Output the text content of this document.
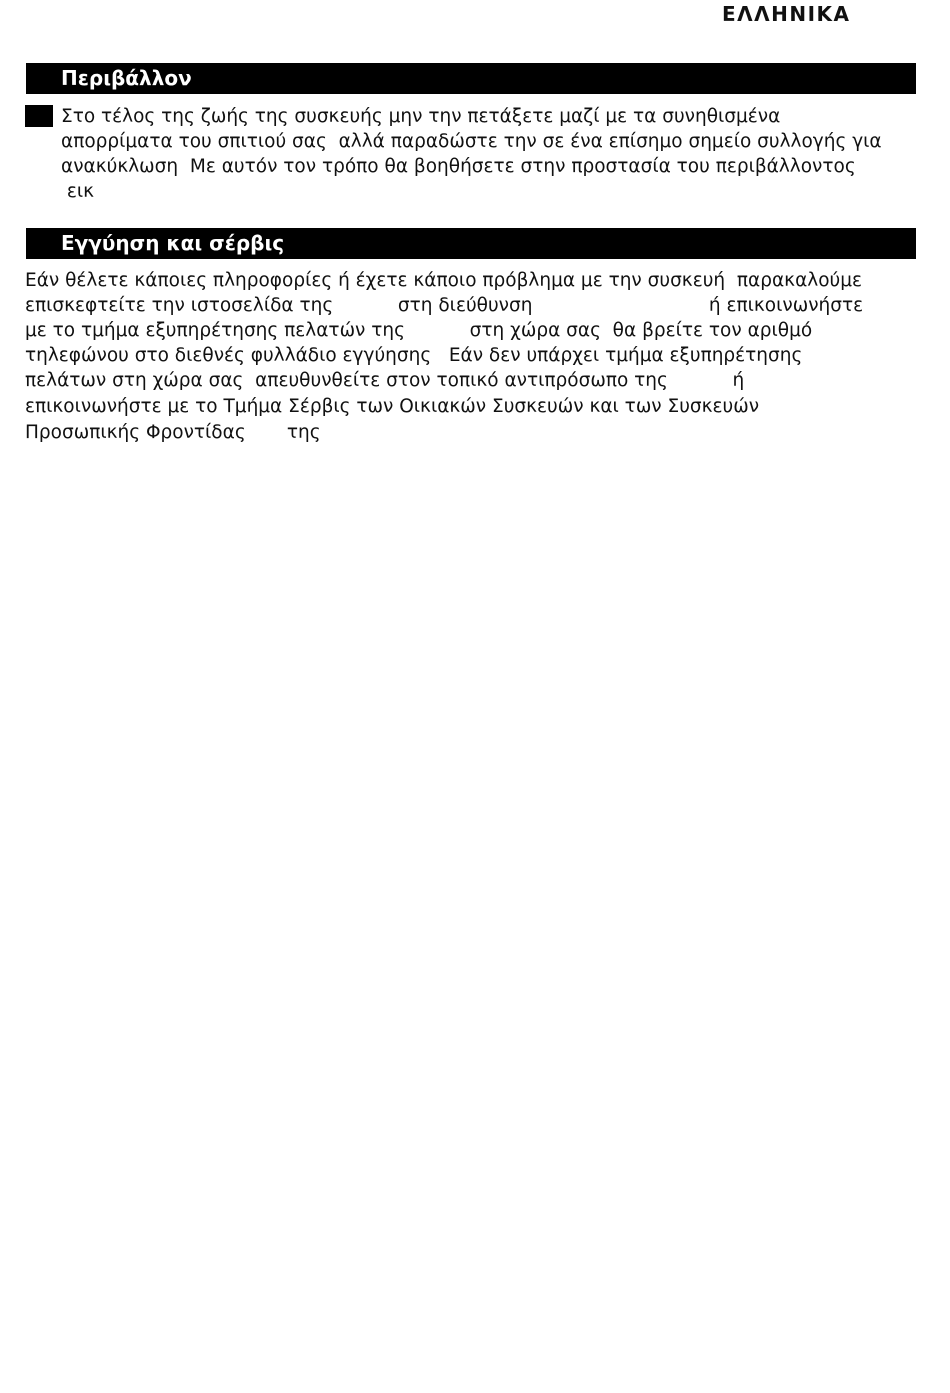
ΕΛΛΗΝΙΚΑ
Περιβάλλον
Στο τέλος της ζωής της συσκευής μην την πετάξετε μαζί με τα συνηθισμένα
απορρίματα του σπιτιού σας  αλλά παραδώστε την σε ένα επίσημο σημείο συλλογής για
ανακύκλωση  Με αυτόν τον τρόπο θα βοηθήσετε στην προστασία του περιβάλλοντος
εικ
Εγγύηση και σέρβις
Εάν θέλετε κάποιες πληροφορίες ή έχετε κάποιο πρόβλημα με την συσκευή  παρακαλούμε
επισκεφτείτε την ιστοσελίδα της           στη διεύθυνση                              ή επικοινωνήστε
με το τμήμα εξυπηρέτησης πελατών της           στη χώρα σας  θα βρείτε τον αριθμό
τηλεφώνου στο διεθνές φυλλάδιο εγγύησης   Εάν δεν υπάρχει τμήμα εξυπηρέτησης
πελάτων στη χώρα σας  απευθυνθείτε στον τοπικό αντιπρόσωπο της           ή
επικοινωνήστε με το Τμήμα Σέρβις των Οικιακών Συσκευών και των Συσκευών
Προσωπικής Φροντίδας       της
